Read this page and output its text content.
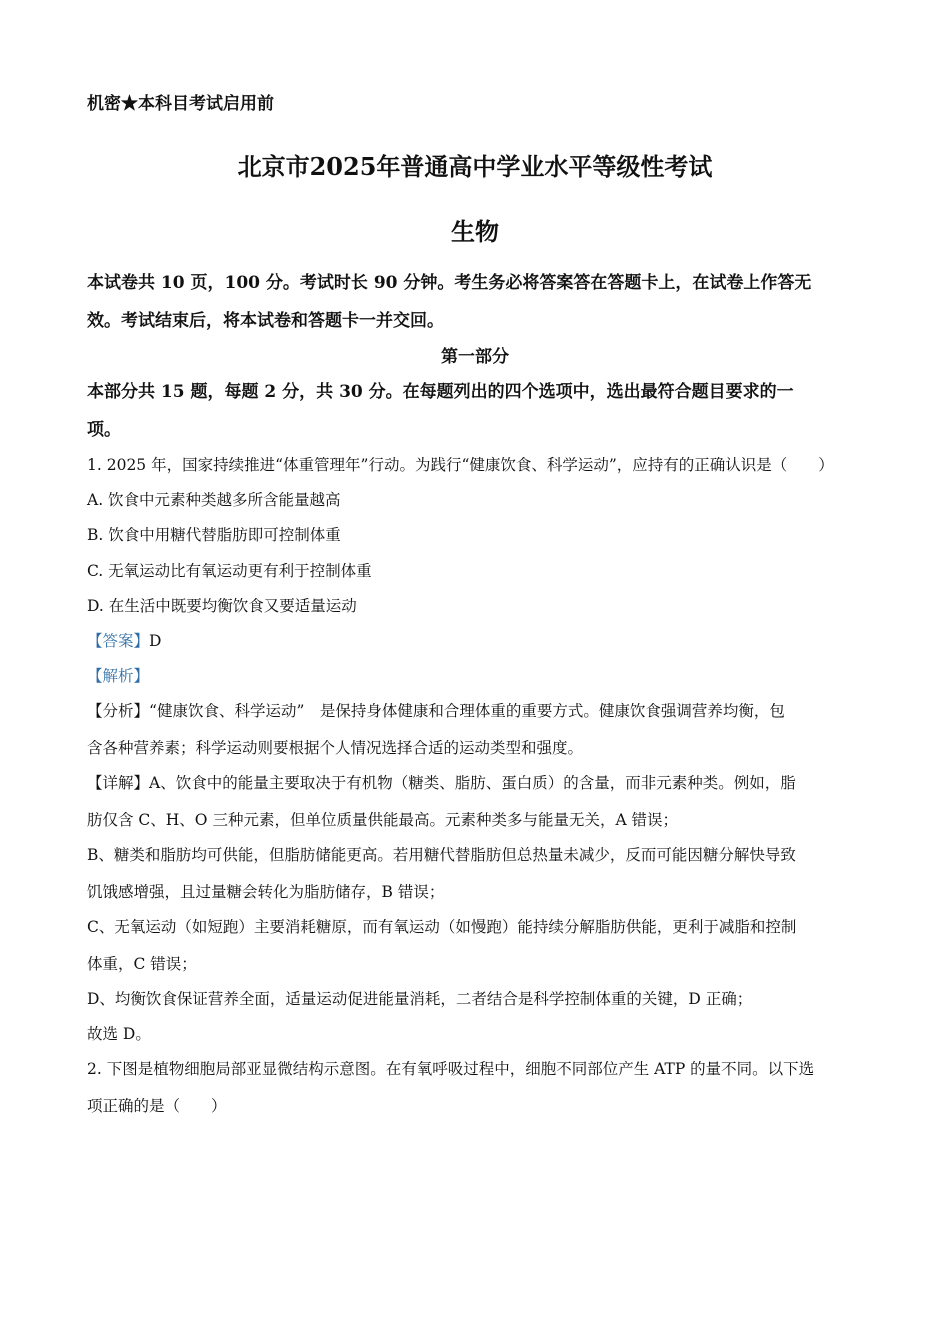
机密★本科目考试启用前
北京市2025年普通高中学业水平等级性考试
生物
本试卷共 10 页，100 分。考试时长 90 分钟。考生务必将答案答在答题卡上，在试卷上作答无
效。考试结束后，将本试卷和答题卡一并交回。
第一部分
本部分共 15 题，每题 2 分，共 30 分。在每题列出的四个选项中，选出最符合题目要求的一
项。
1. 2025 年，国家持续推进“体重管理年”行动。为践行“健康饮食、科学运动”，应持有的正确认识是（　　）
A. 饮食中元素种类越多所含能量越高
B. 饮食中用糖代替脂肪即可控制体重
C. 无氧运动比有氧运动更有利于控制体重
D. 在生活中既要均衡饮食又要适量运动
【答案】D
【解析】
【分析】“健康饮食、科学运动”　是保持身体健康和合理体重的重要方式。健康饮食强调营养均衡，包
含各种营养素；科学运动则要根据个人情况选择合适的运动类型和强度。
【详解】A、饮食中的能量主要取决于有机物（糖类、脂肪、蛋白质）的含量，而非元素种类。例如，脂
肪仅含 C、H、O 三种元素，但单位质量供能最高。元素种类多与能量无关，A 错误；
B、糖类和脂肪均可供能，但脂肪储能更高。若用糖代替脂肪但总热量未减少，反而可能因糖分解快导致
饥饿感增强，且过量糖会转化为脂肪储存，B 错误；
C、无氧运动（如短跑）主要消耗糖原，而有氧运动（如慢跑）能持续分解脂肪供能，更利于减脂和控制
体重，C 错误；
D、均衡饮食保证营养全面，适量运动促进能量消耗，二者结合是科学控制体重的关键，D 正确；
故选 D。
2. 下图是植物细胞局部亚显微结构示意图。在有氧呼吸过程中，细胞不同部位产生 ATP 的量不同。以下选
项正确的是（　　）
